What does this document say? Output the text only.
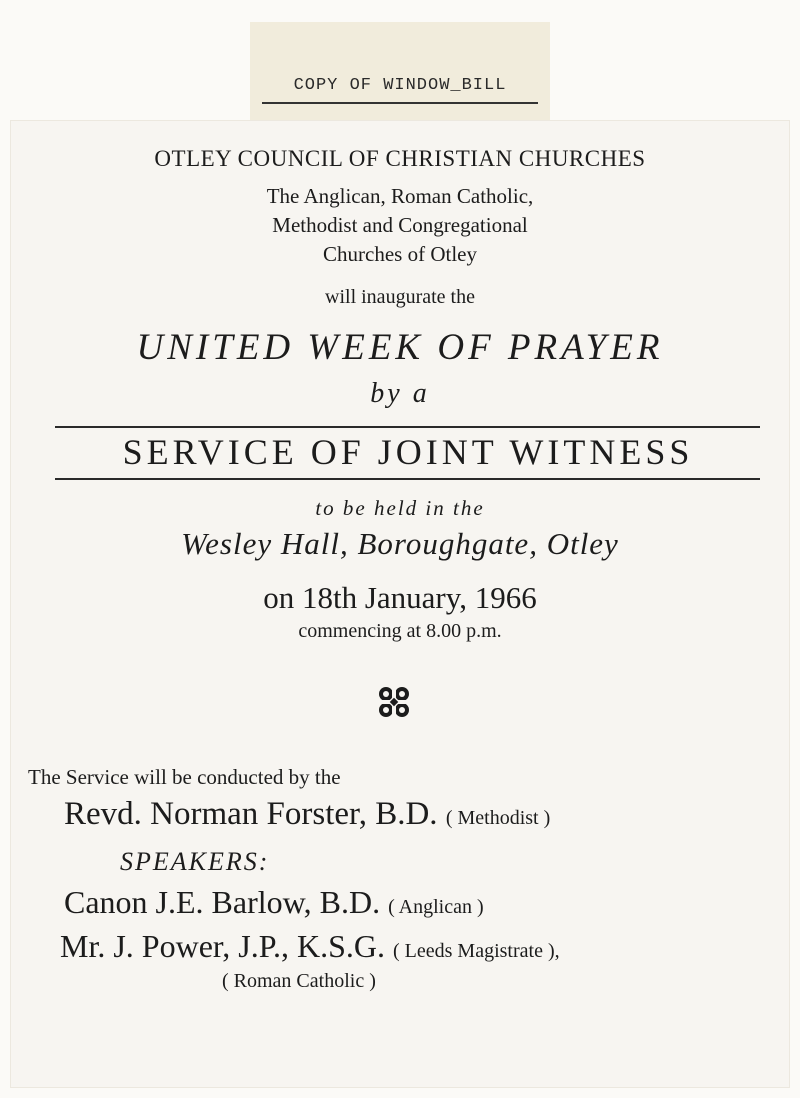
COPY OF WINDOW_BILL
OTLEY COUNCIL OF CHRISTIAN CHURCHES
The Anglican, Roman Catholic,
Methodist and Congregational
Churches of Otley
will inaugurate the
UNITED WEEK OF PRAYER
by a
SERVICE OF JOINT WITNESS
to be held in the
Wesley Hall, Boroughgate, Otley
on 18th January, 1966
commencing at 8.00 p.m.
The Service will be conducted by the
Revd. Norman Forster, B.D. ( Methodist )
SPEAKERS:
Canon J.E. Barlow, B.D. ( Anglican )
Mr. J. Power, J.P., K.S.G. ( Leeds Magistrate ),
( Roman Catholic )
